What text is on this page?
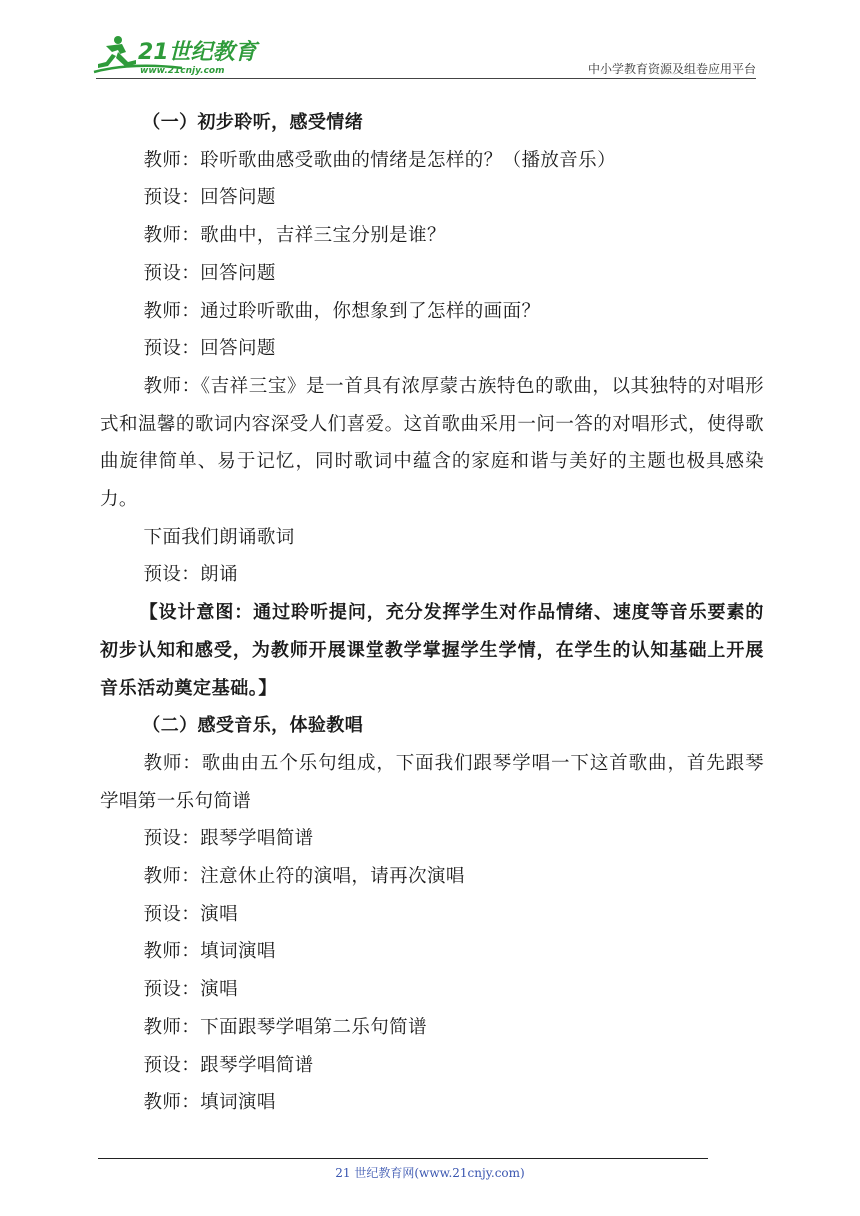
21世纪教育
www.21cnjy.com	中小学教育资源及组卷应用平台

（一）初步聆听，感受情绪

教师：聆听歌曲感受歌曲的情绪是怎样的？（播放音乐）

预设：回答问题

教师：歌曲中，吉祥三宝分别是谁？

预设：回答问题

教师：通过聆听歌曲，你想象到了怎样的画面？

预设：回答问题

教师：《吉祥三宝》是一首具有浓厚蒙古族特色的歌曲，以其独特的对唱形式和温馨的歌词内容深受人们喜爱。这首歌曲采用一问一答的对唱形式，使得歌曲旋律简单、易于记忆，同时歌词中蕴含的家庭和谐与美好的主题也极具感染力。

下面我们朗诵歌词

预设：朗诵

【设计意图：通过聆听提问，充分发挥学生对作品情绪、速度等音乐要素的初步认知和感受，为教师开展课堂教学掌握学生学情，在学生的认知基础上开展音乐活动奠定基础。】

（二）感受音乐，体验教唱

教师：歌曲由五个乐句组成，下面我们跟琴学唱一下这首歌曲，首先跟琴学唱第一乐句简谱

预设：跟琴学唱简谱

教师：注意休止符的演唱，请再次演唱

预设：演唱

教师：填词演唱

预设：演唱

教师：下面跟琴学唱第二乐句简谱

预设：跟琴学唱简谱

教师：填词演唱

21 世纪教育网(www.21cnjy.com)
